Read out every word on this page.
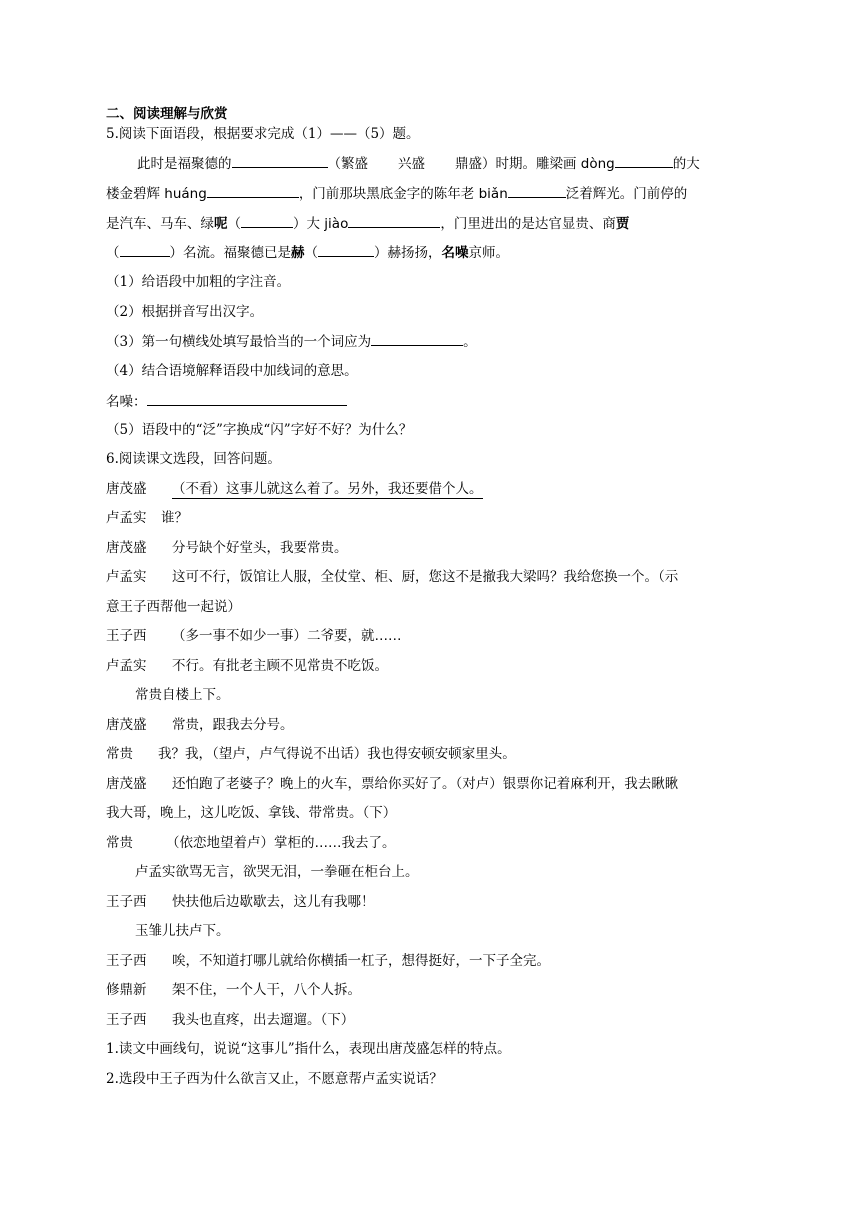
二、阅读理解与欣赏
5.阅读下面语段，根据要求完成（1）——（5）题。
此时是福聚德的	（繁盛 兴盛 鼎盛）时期。雕梁画 dòng	的大
楼金碧辉 huáng	，门前那块黑底金字的陈年老 biǎn	泛着辉光。门前停的
是汽车、马车、绿呢（	）大 jiào	，门里进出的是达官显贵、商贾
（	）名流。福聚德已是赫（	）赫扬扬，名噪京师。
（1）给语段中加粗的字注音。
（2）根据拼音写出汉字。
（3）第一句横线处填写最恰当的一个词应为	。
（4）结合语境解释语段中加线词的意思。
名噪：
（5）语段中的“泛”字换成“闪”字好不好？为什么？
6.阅读课文选段，回答问题。
唐茂盛 （不看）这事儿就这么着了。另外，我还要借个人。
卢孟实 谁？
唐茂盛 分号缺个好堂头，我要常贵。
卢孟实 这可不行，饭馆让人服，全仗堂、柜、厨，您这不是撤我大梁吗？我给您换一个。（示
意王子西帮他一起说）
王子西 （多一事不如少一事）二爷要，就……
卢孟实 不行。有批老主顾不见常贵不吃饭。
常贵自楼上下。
唐茂盛 常贵，跟我去分号。
常贵 我？我，（望卢，卢气得说不出话）我也得安顿安顿家里头。
唐茂盛 还怕跑了老婆子？晚上的火车，票给你买好了。（对卢）银票你记着麻利开，我去瞅瞅
我大哥，晚上，这儿吃饭、拿钱、带常贵。（下）
常贵 （依恋地望着卢）掌柜的……我去了。
卢孟实欲骂无言，欲哭无泪，一拳砸在柜台上。
王子西 快扶他后边歇歇去，这儿有我哪！
玉雏儿扶卢下。
王子西 唉，不知道打哪儿就给你横插一杠子，想得挺好，一下子全完。
修鼎新 架不住，一个人干，八个人拆。
王子西 我头也直疼，出去遛遛。（下）
1.读文中画线句，说说“这事儿”指什么，表现出唐茂盛怎样的特点。
2.选段中王子西为什么欲言又止，不愿意帮卢孟实说话？
